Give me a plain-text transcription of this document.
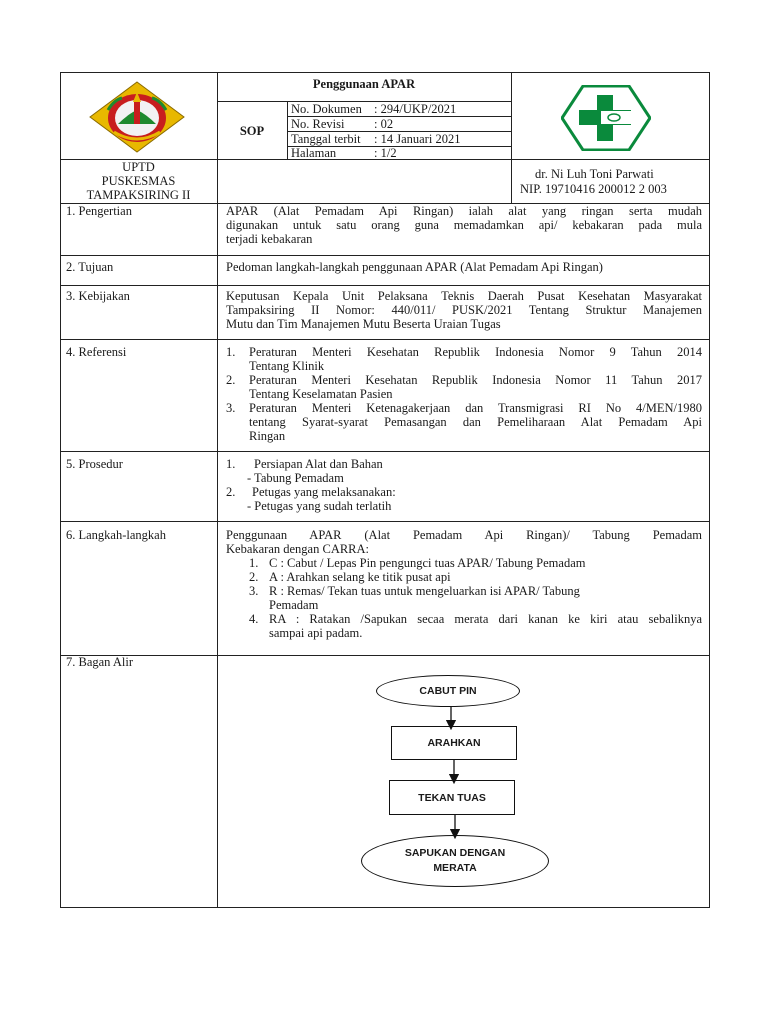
Penggunaan APAR
SOP
No. Dokumen : 294/UKP/2021
No. Revisi : 02
Tanggal terbit : 14 Januari 2021
Halaman	: 1/2
UPTD
PUSKESMAS
TAMPAKSIRING II
dr. Ni Luh Toni Parwati
NIP. 19710416 200012 2 003
1. Pengertian	APAR (Alat Pemadam Api Ringan) ialah alat yang ringan serta mudah
digunakan untuk satu orang guna memadamkan api/ kebakaran pada mula
terjadi kebakaran
2. Tujuan	Pedoman langkah-langkah penggunaan APAR (Alat Pemadam Api Ringan)
3. Kebijakan	Keputusan Kepala Unit Pelaksana Teknis Daerah Pusat Kesehatan Masyarakat
Tampaksiring II Nomor: 440/011/ PUSK/2021 Tentang Struktur Manajemen
Mutu dan Tim Manajemen Mutu Beserta Uraian Tugas
4. Referensi	1. Peraturan Menteri Kesehatan Republik Indonesia Nomor 9 Tahun 2014
Tentang Klinik
2. Peraturan Menteri Kesehatan Republik Indonesia Nomor 11 Tahun 2017
Tentang Keselamatan Pasien
3. Peraturan Menteri Ketenagakerjaan dan Transmigrasi RI No 4/MEN/1980
tentang Syarat-syarat Pemasangan dan Pemeliharaan Alat Pemadam Api
Ringan
5. Prosedur	1. Persiapan Alat dan Bahan
- Tabung Pemadam
2. Petugas yang melaksanakan:
- Petugas yang sudah terlatih
6. Langkah-langkah	Penggunaan APAR (Alat Pemadam Api Ringan)/ Tabung Pemadam
Kebakaran dengan CARRA:
1. C : Cabut / Lepas Pin pengungci tuas APAR/ Tabung Pemadam
2. A : Arahkan selang ke titik pusat api
3. R : Remas/ Tekan tuas untuk mengeluarkan isi APAR/ Tabung
Pemadam
4. RA : Ratakan /Sapukan secaa merata dari kanan ke kiri atau sebaliknya
sampai api padam.
7. Bagan Alir
CABUT PIN
ARAHKAN
TEKAN TUAS
SAPUKAN DENGAN
MERATA
